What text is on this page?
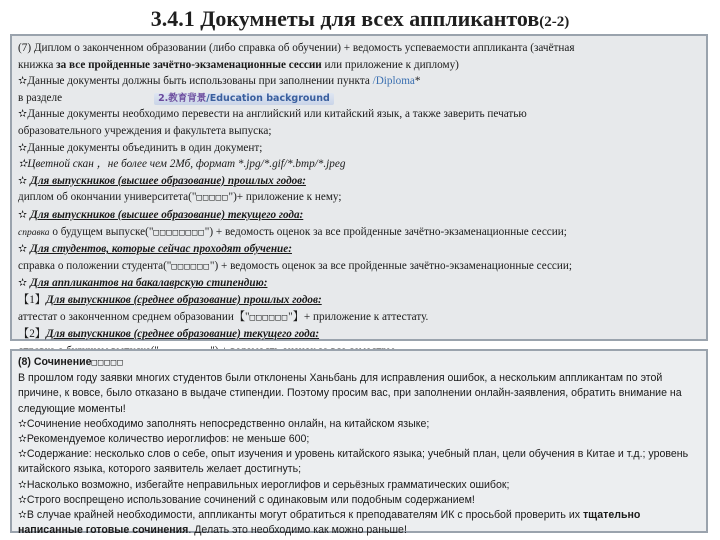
3.4.1 Докумнеты для всех аппликантов(2-2)
(7) Диплом о законченном образовании (либо справка об обучении) + ведомость успеваемости аппликанта (зачётная
книжка за все пройденные зачётно-экзаменационные сессии или приложение к диплому)
✫Данные документы должны быть использованы при заполнении пункта /Diploma*
в разделе	2.教育背景/Education background
✫Данные документы необходимо перевести на английский или китайский язык, а также заверить печатью
образовательного учреждения и факультета выпуска;
✫Данные документы объединить в один документ;
✫Цветной скан ，не более чем 2Мб, формат *.jpg/*.gif/*.bmp/*.jpeg
✫ Для выпускников (высшее образование) прошлых годов:
диплом об окончании университета("□□□□□")+ приложение к нему;
✫ Для выпускников (высшее образование) текущего года:
справка о будущем выпуске("□□□□□□□□") + ведомость оценок за все пройденные зачётно-экзаменационные сессии;
✫ Для студентов, которые сейчас проходят обучение:
справка о положении студента("□□□□□□") + ведомость оценок за все пройденные зачётно-экзаменационные сессии;
✫ Для аппликантов на бакалаврскую стипендию:
【1】Для выпускников (среднее образование) прошлых годов:
аттестат о законченном среднем образовании【"□□□□□□"】+ приложение к аттестату.
【2】Для выпускников (среднее образование) текущего года:
(8) Сочинение□□□□□
В прошлом году заявки многих студентов были отклонены Ханьбань для исправления ошибок, а нескольким аппликантам по этой причине, к вовсе, было отказано в выдаче стипендии. Поэтому просим вас, при заполнении онлайн-заявления, обратить внимание на следующие моменты!
✫Сочинение необходимо заполнять непосредственно онлайн, на китайском языке;
✫Рекомендуемое количество иероглифов: не меньше 600;
✫Содержание: несколько слов о себе, опыт изучения и уровень китайского языка; учебный план, цели обучения в Китае и т.д.; уровень китайского языка, которого заявитель желает достигнуть;
✫Насколько возможно, избегайте неправильных иероглифов и серьёзных грамматических ошибок;
✫Строго воспрещено использование сочинений с одинаковым или подобным содержанием!
✫В случае крайней необходимости, аппликанты могут обратиться к преподавателям ИК с просьбой проверить их тщательно написанные готовые сочинения. Делать это необходимо как можно раньше!
